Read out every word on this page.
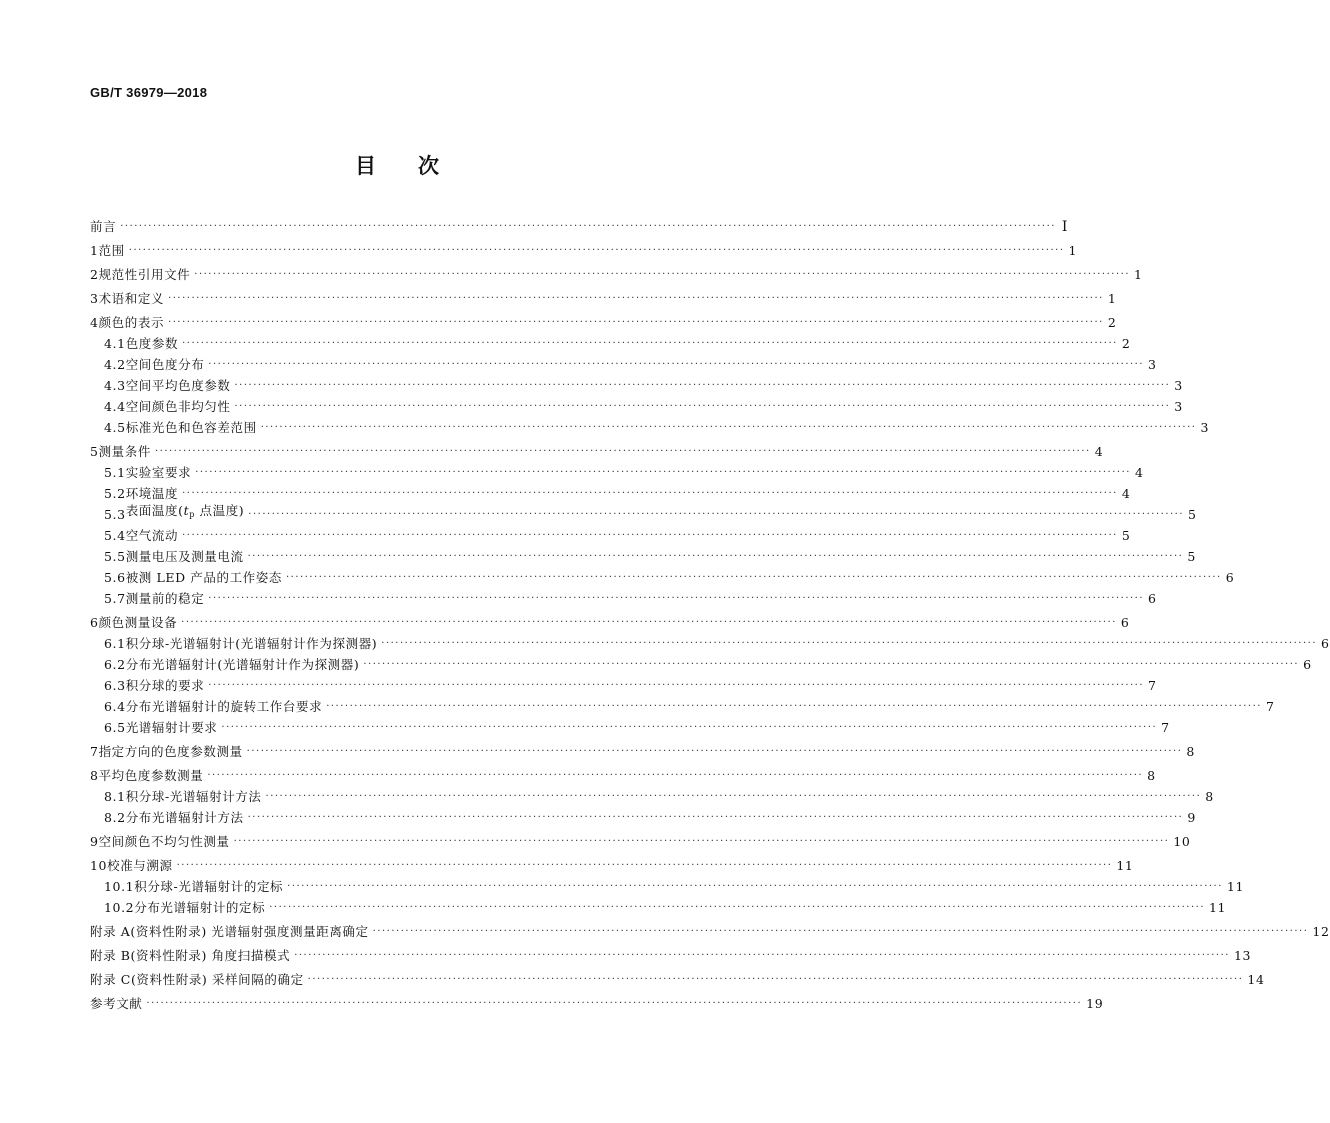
GB/T 36979—2018
目次
前言 ········································································································································································································ Ⅰ
1 范围 ········································································································································································································ 1
2 规范性引用文件 ········································································································································································································ 1
3 术语和定义 ········································································································································································································ 1
4 颜色的表示 ········································································································································································································ 2
4.1 色度参数 ········································································································································································································ 2
4.2 空间色度分布 ········································································································································································································ 3
4.3 空间平均色度参数 ········································································································································································································ 3
4.4 空间颜色非均匀性 ········································································································································································································ 3
4.5 标准光色和色容差范围 ········································································································································································································ 3
5 测量条件 ········································································································································································································ 4
5.1 实验室要求 ········································································································································································································ 4
5.2 环境温度 ········································································································································································································ 4
5.3 表面温度($t_p$ 点温度) ········································································································································································································ 5
5.4 空气流动 ········································································································································································································ 5
5.5 测量电压及测量电流 ········································································································································································································ 5
5.6 被测 LED 产品的工作姿态 ········································································································································································································ 6
5.7 测量前的稳定 ········································································································································································································ 6
6 颜色测量设备 ········································································································································································································ 6
6.1 积分球-光谱辐射计(光谱辐射计作为探测器) ········································································································································································································ 6
6.2 分布光谱辐射计(光谱辐射计作为探测器) ········································································································································································································ 6
6.3 积分球的要求 ········································································································································································································ 7
6.4 分布光谱辐射计的旋转工作台要求 ········································································································································································································ 7
6.5 光谱辐射计要求 ········································································································································································································ 7
7 指定方向的色度参数测量 ········································································································································································································ 8
8 平均色度参数测量 ········································································································································································································ 8
8.1 积分球-光谱辐射计方法 ········································································································································································································ 8
8.2 分布光谱辐射计方法 ········································································································································································································ 9
9 空间颜色不均匀性测量 ········································································································································································································ 10
10 校准与溯源 ········································································································································································································ 11
10.1 积分球-光谱辐射计的定标 ········································································································································································································ 11
10.2 分布光谱辐射计的定标 ········································································································································································································ 11
附录 A(资料性附录) 光谱辐射强度测量距离确定 ········································································································································································································ 12
附录 B(资料性附录) 角度扫描模式 ········································································································································································································ 13
附录 C(资料性附录) 采样间隔的确定 ········································································································································································································ 14
参考文献 ········································································································································································································ 19
